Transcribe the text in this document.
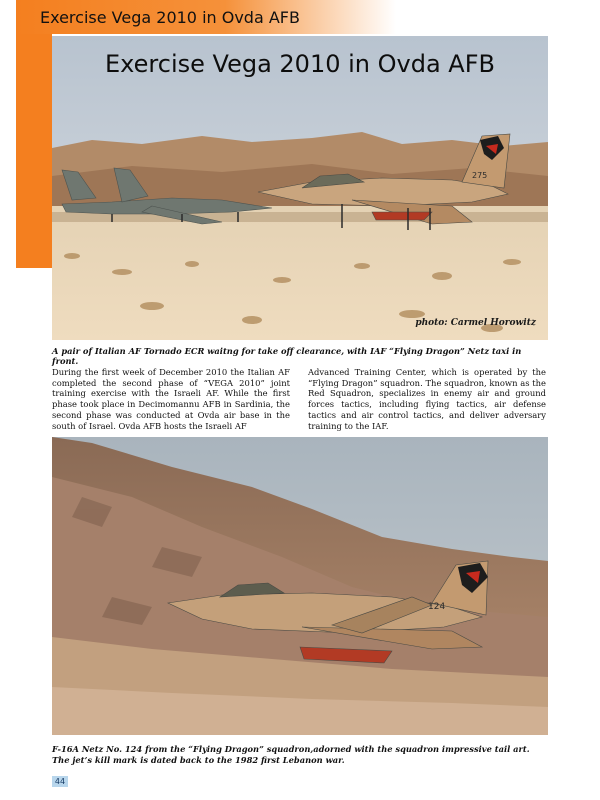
Exercise Vega 2010 in Ovda AFB
275
Exercise Vega 2010 in Ovda AFB
photo: Carmel Horowitz
A pair of Italian AF Tornado ECR waitng for take off clearance, with IAF “Flying Dragon” Netz taxi in front.
During the first week of December 2010 the Italian AF completed the second phase of “VEGA 2010” joint training exercise with the Israeli AF. While the first phase took place in Decimomannu AFB in Sardinia, the second phase was conducted at Ovda air base in the south of Israel. Ovda AFB hosts the Israeli AF
Advanced Training Center, which is operated by the “Flying Dragon” squadron. The squadron, known as the Red Squadron, specializes in enemy air and ground forces tactics, including flying tactics, air defense tactics and air control tactics, and deliver adversary training to the IAF.
124
F-16A Netz No. 124 from the “Flying Dragon” squadron,adorned with the squadron impressive tail art. The jet’s kill mark is dated back to the 1982 first Lebanon war.
44
